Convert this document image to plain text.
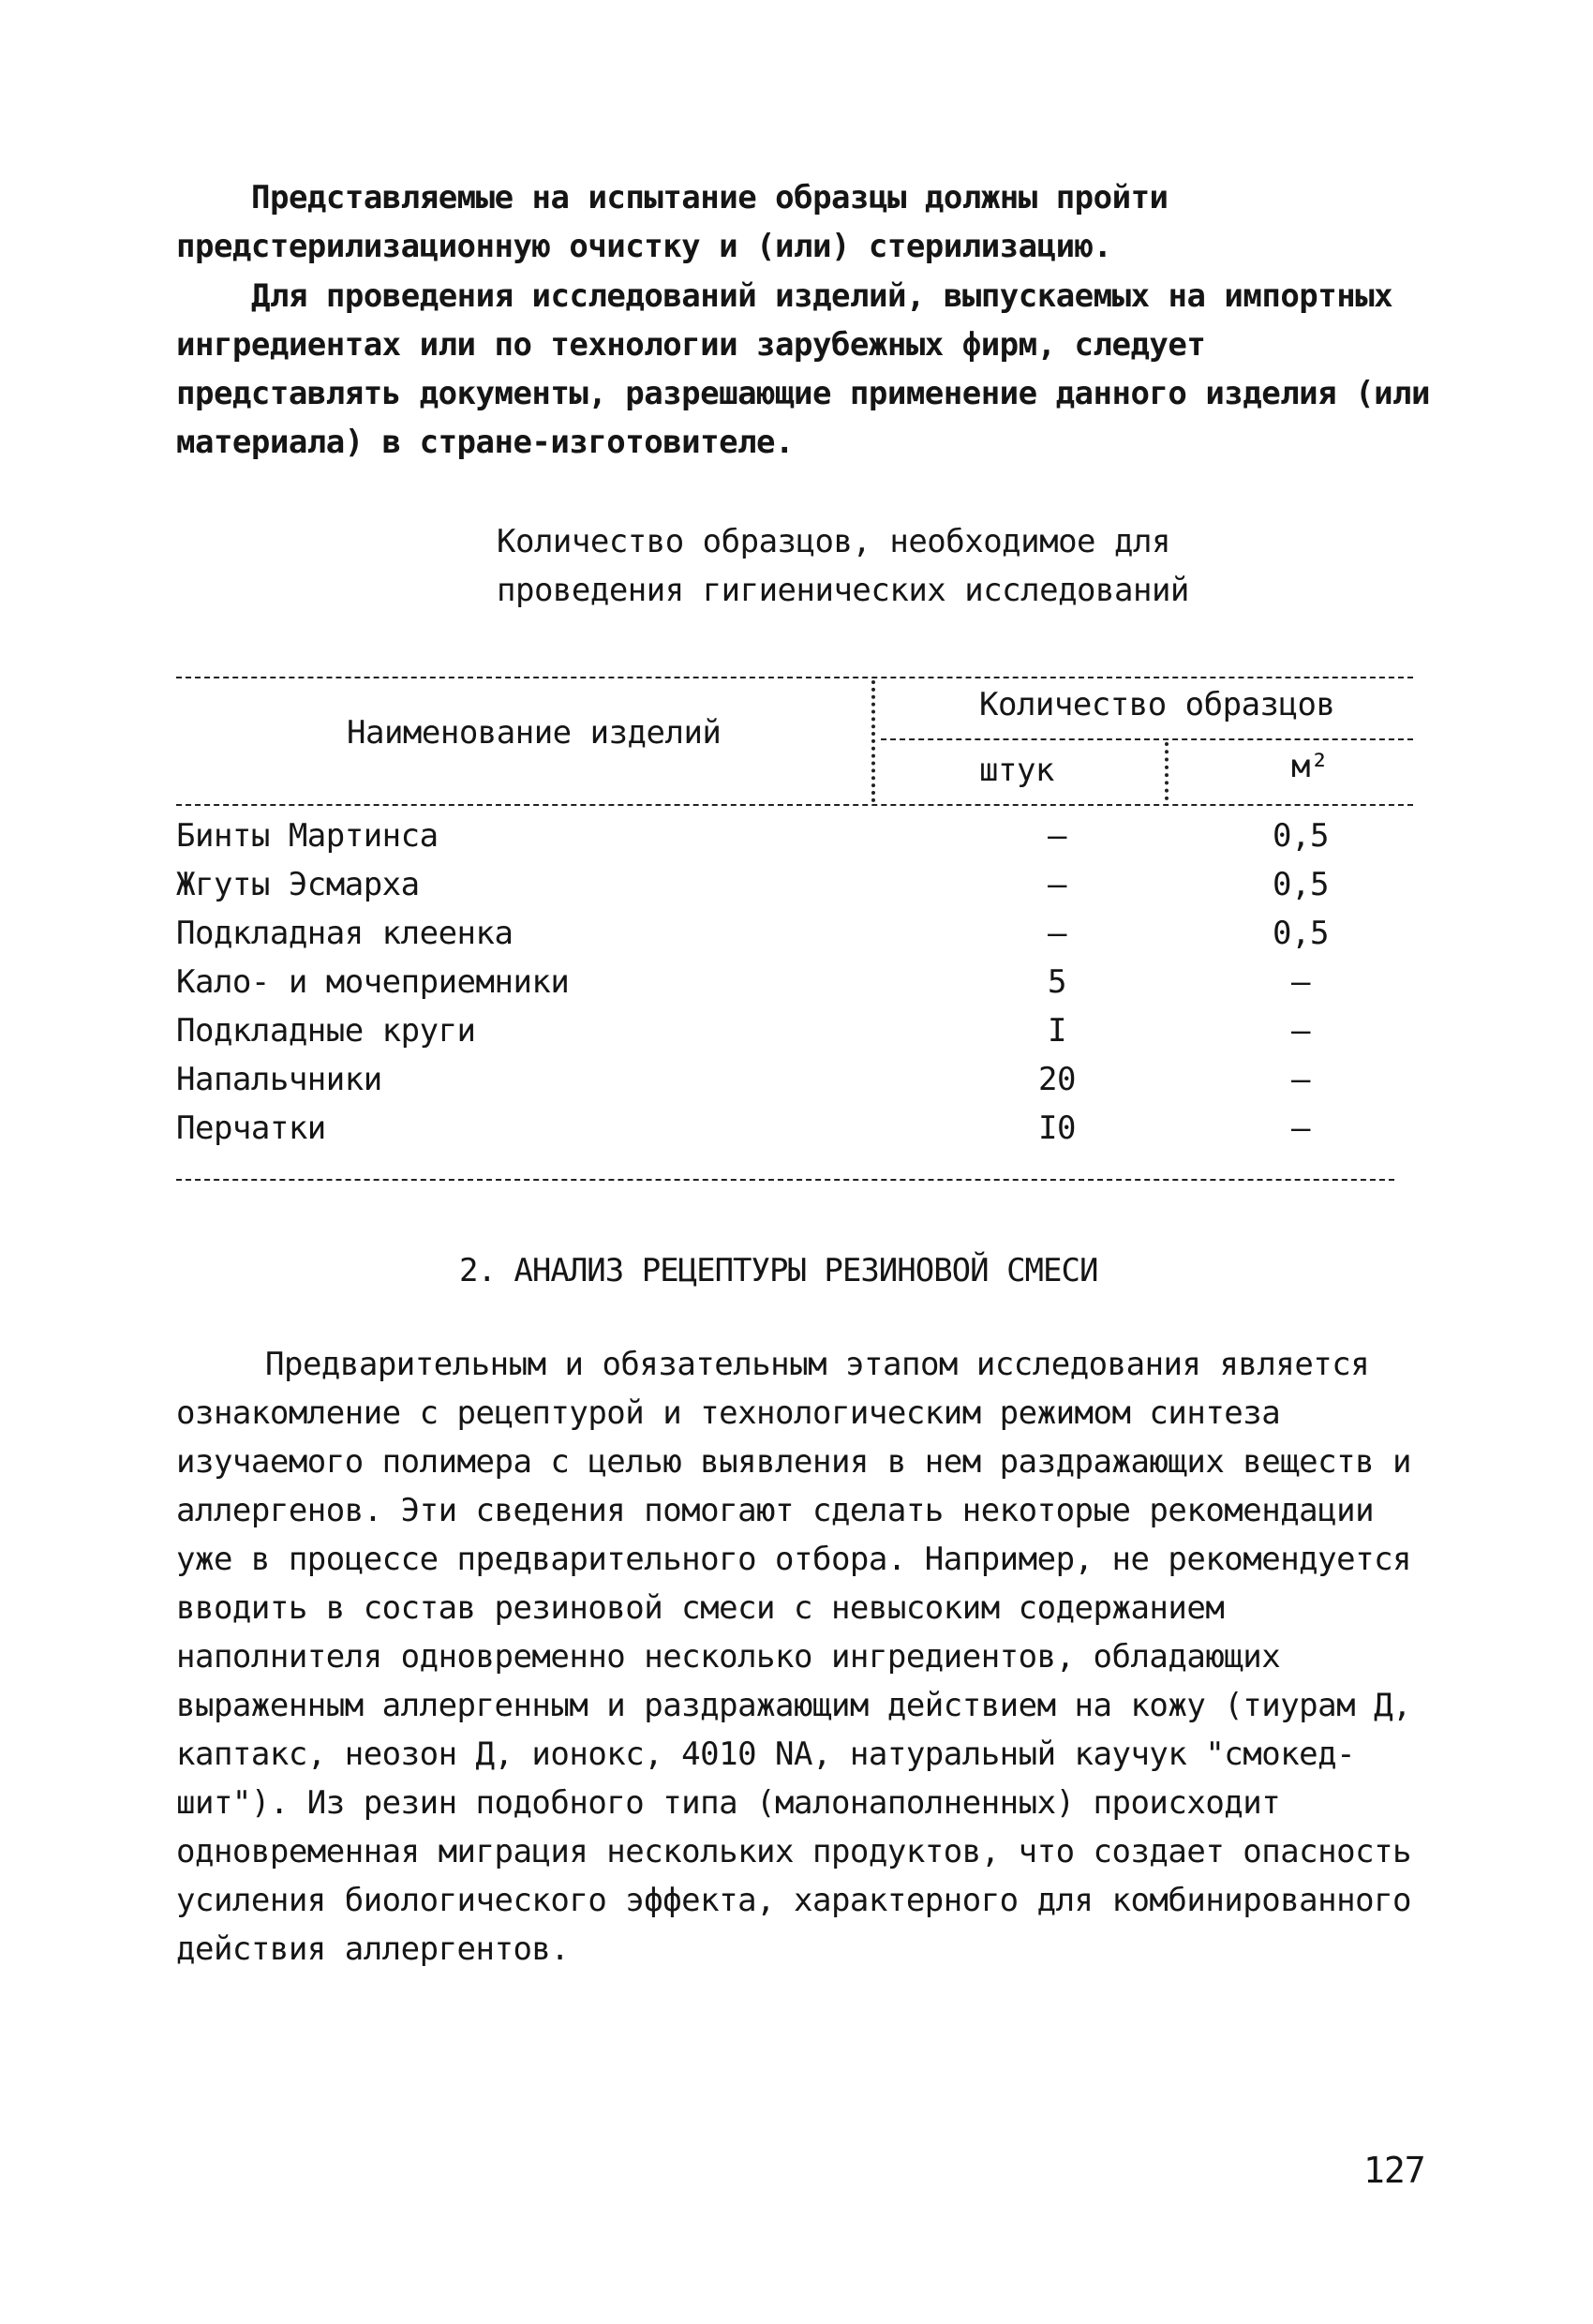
Представляемые на испытание образцы должны пройти предстерилизационную очистку и (или) стерилизацию.

Для проведения исследований изделий, выпускаемых на импортных ингредиентах или по технологии зарубежных фирм, следует представлять документы, разрешающие применение данного изделия (или материала) в стране-изготовителе.

Количество образцов, необходимое для
проведения гигиенических исследований
Наименование изделий
Количество образцов
штук	м²
Бинты Мартинса	–	0,5
Жгуты Эсмарха	–	0,5
Подкладная клеенка	–	0,5
Кало- и мочеприемники	5	–
Подкладные круги	I	–
Напальчники	20	–
Перчатки	I0	–
2. АНАЛИЗ РЕЦЕПТУРЫ РЕЗИНОВОЙ СМЕСИ

Предварительным и обязательным этапом исследования является ознакомление с рецептурой и технологическим режимом синтеза изучаемого полимера с целью выявления в нем раздражающих веществ и аллергенов. Эти сведения помогают сделать некоторые рекомендации уже в процессе предварительного отбора. Например, не рекомендуется вводить в состав резиновой смеси с невысоким содержанием наполнителя одновременно несколько ингредиентов, обладающих выраженным аллергенным и раздражающим действием на кожу (тиурам Д, каптакс, неозон Д, ионокс, 4010 NA, натуральный каучук "смокед-шит"). Из резин подобного типа (малонаполненных) происходит одновременная миграция нескольких продуктов, что создает опасность усиления биологического эффекта, характерного для комбинированного действия аллергентов.

127
